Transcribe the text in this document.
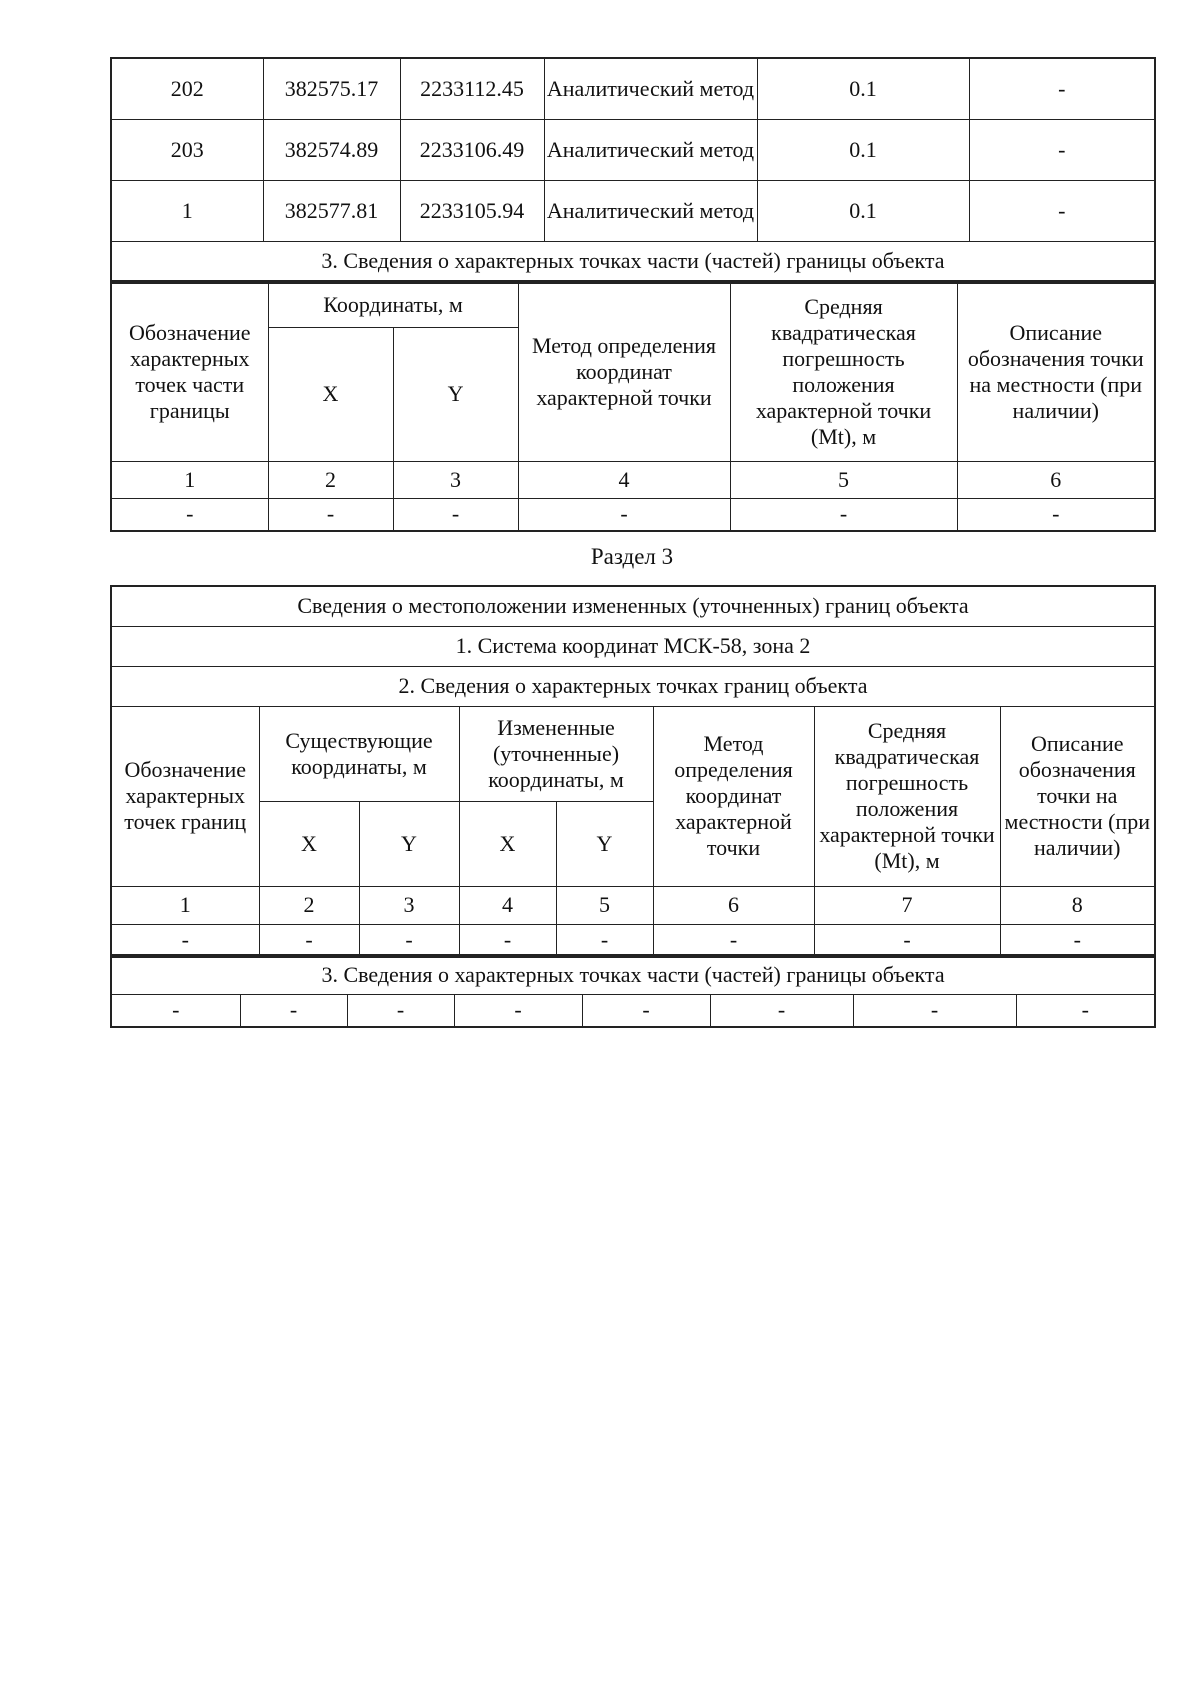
202	382575.17	2233112.45	Аналитический метод	0.1	-
203	382574.89	2233106.49	Аналитический метод	0.1	-
1	382577.81	2233105.94	Аналитический метод	0.1	-
3. Сведения о характерных точках части (частей) границы объекта					
Обозначение характерных точек части границы	Координаты, м		Метод определения координат характерной точки	Средняя квадратическая погрешность положения характерной точки (Mt), м	Описание обозначения точки на местности (при наличии)
	X	Y			
1	2	3	4	5	6
-	-	-	-	-	-
Раздел 3
Сведения о местоположении измененных (уточненных) границ объекта							
1. Система координат МСК-58, зона 2							
2. Сведения о характерных точках границ объекта							
Обозначение характерных точек границ	Существующие координаты, м		Измененные (уточненные) координаты, м		Метод определения координат характерной точки	Средняя квадратическая погрешность положения характерной точки (Mt), м	Описание обозначения точки на местности (при наличии)
	X	Y	X	Y			
1	2	3	4	5	6	7	8
-	-	-	-	-	-	-	-
3. Сведения о характерных точках части (частей) границы объекта
-	-	-	-	-	-	-	-
